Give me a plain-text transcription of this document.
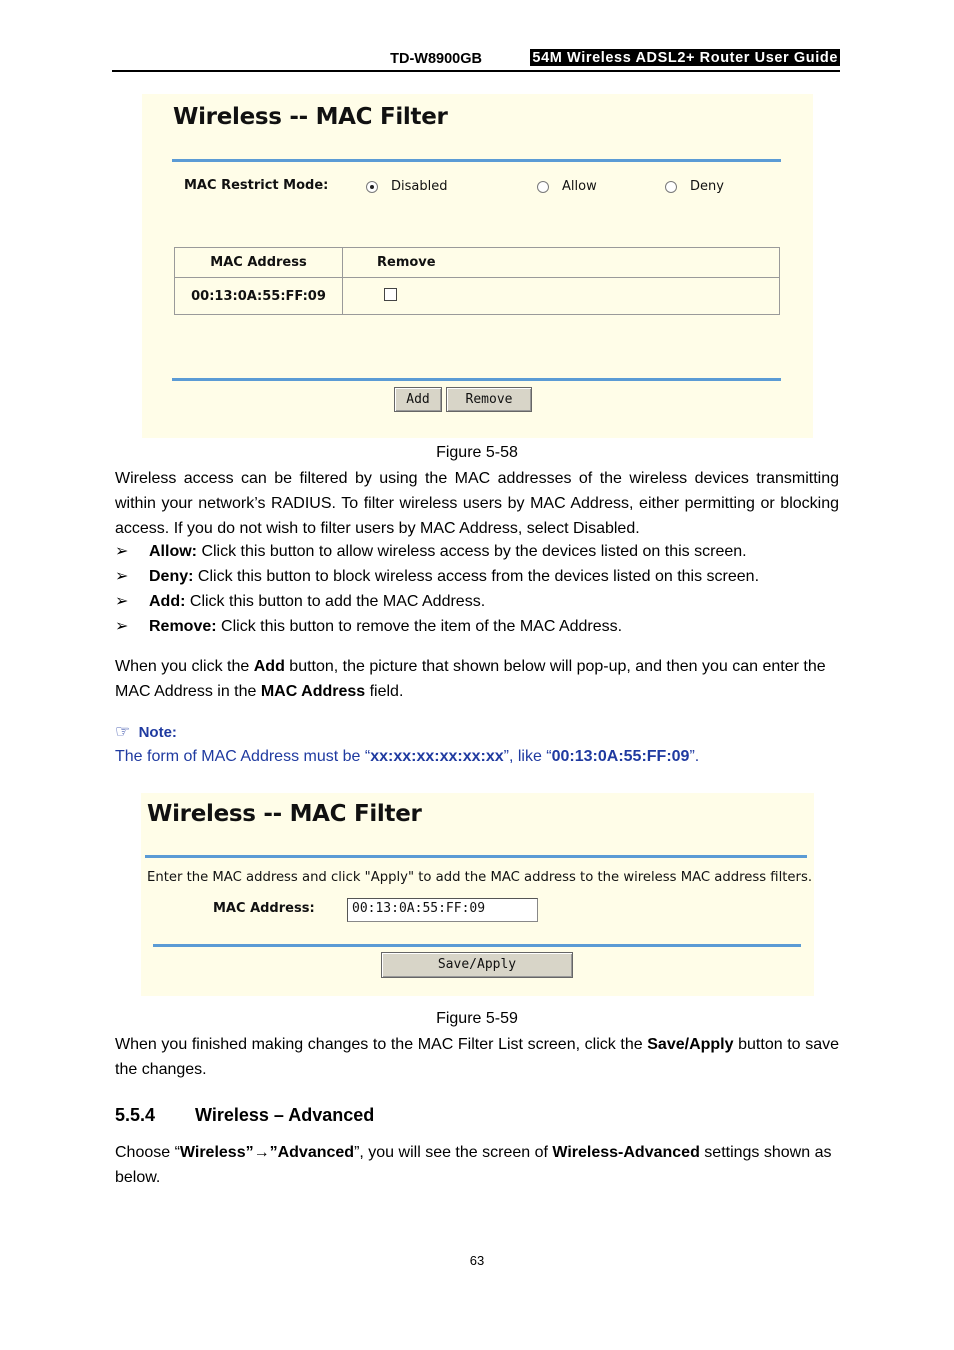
TD-W8900GB	54M Wireless ADSL2+ Router User Guide
Wireless -- MAC Filter
MAC Restrict Mode:	Disabled	Allow	Deny
MAC Address	Remove
00:13:0A:55:FF:09	
Add	Remove
Figure 5-58
Wireless access can be filtered by using the MAC addresses of the wireless devices transmitting within your network’s RADIUS. To filter wireless users by MAC Address, either permitting or blocking access. If you do not wish to filter users by MAC Address, select Disabled.
➢ Allow: Click this button to allow wireless access by the devices listed on this screen.
➢ Deny: Click this button to block wireless access from the devices listed on this screen.
➢ Add: Click this button to add the MAC Address.
➢ Remove: Click this button to remove the item of the MAC Address.
When you click the Add button, the picture that shown below will pop-up, and then you can enter the MAC Address in the MAC Address field.
☞ Note:
The form of MAC Address must be “xx:xx:xx:xx:xx:xx”, like “00:13:0A:55:FF:09”.
Wireless -- MAC Filter
Enter the MAC address and click "Apply" to add the MAC address to the wireless MAC address filters.
MAC Address:	00:13:0A:55:FF:09
Save/Apply
Figure 5-59
When you finished making changes to the MAC Filter List screen, click the Save/Apply button to save the changes.
5.5.4 Wireless – Advanced
Choose “Wireless”→”Advanced”, you will see the screen of Wireless-Advanced settings shown as below.
63
